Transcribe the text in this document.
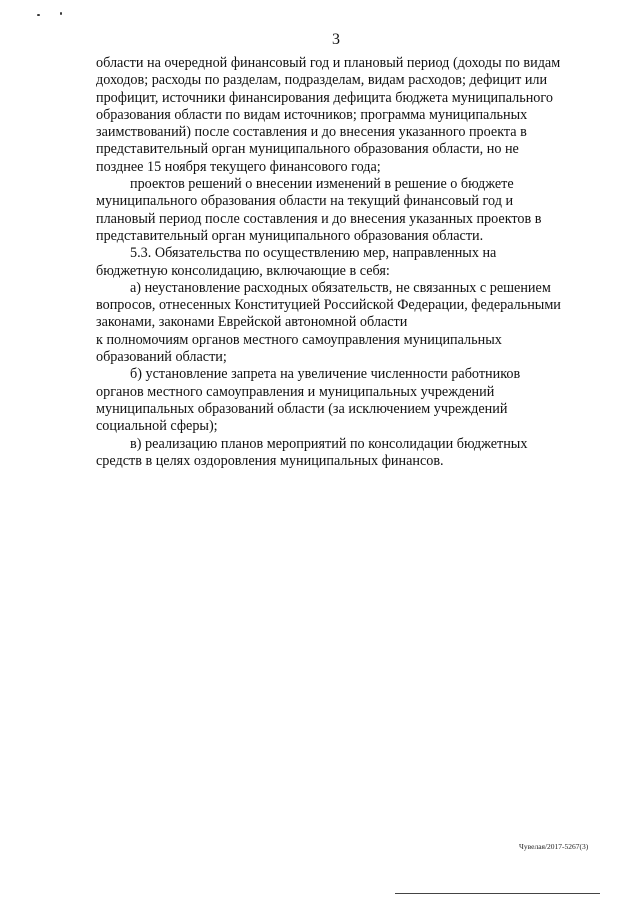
3

области на очередной финансовый год и плановый период (доходы по видам
доходов; расходы по разделам, подразделам, видам расходов; дефицит или
профицит, источники финансирования дефицита бюджета муниципального
образования области по видам источников; программа муниципальных
заимствований) после составления и до внесения указанного проекта в
представительный орган муниципального образования области, но не
позднее 15 ноября текущего финансового года;

проектов решений о внесении изменений в решение о бюджете
муниципального образования области на текущий финансовый год и
плановый период после составления и до внесения указанных проектов в
представительный орган муниципального образования области.

5.3. Обязательства по осуществлению мер, направленных на
бюджетную консолидацию, включающие в себя:

а) неустановление расходных обязательств, не связанных с решением
вопросов, отнесенных Конституцией Российской Федерации, федеральными
законами, законами Еврейской автономной области
к полномочиям органов местного самоуправления муниципальных
образований области;

б) установление запрета на увеличение численности работников
органов местного самоуправления и муниципальных учреждений
муниципальных образований области (за исключением учреждений
социальной сферы);

в) реализацию планов мероприятий по консолидации бюджетных
средств в целях оздоровления муниципальных финансов.

Чувелая/2017-5267(3)
